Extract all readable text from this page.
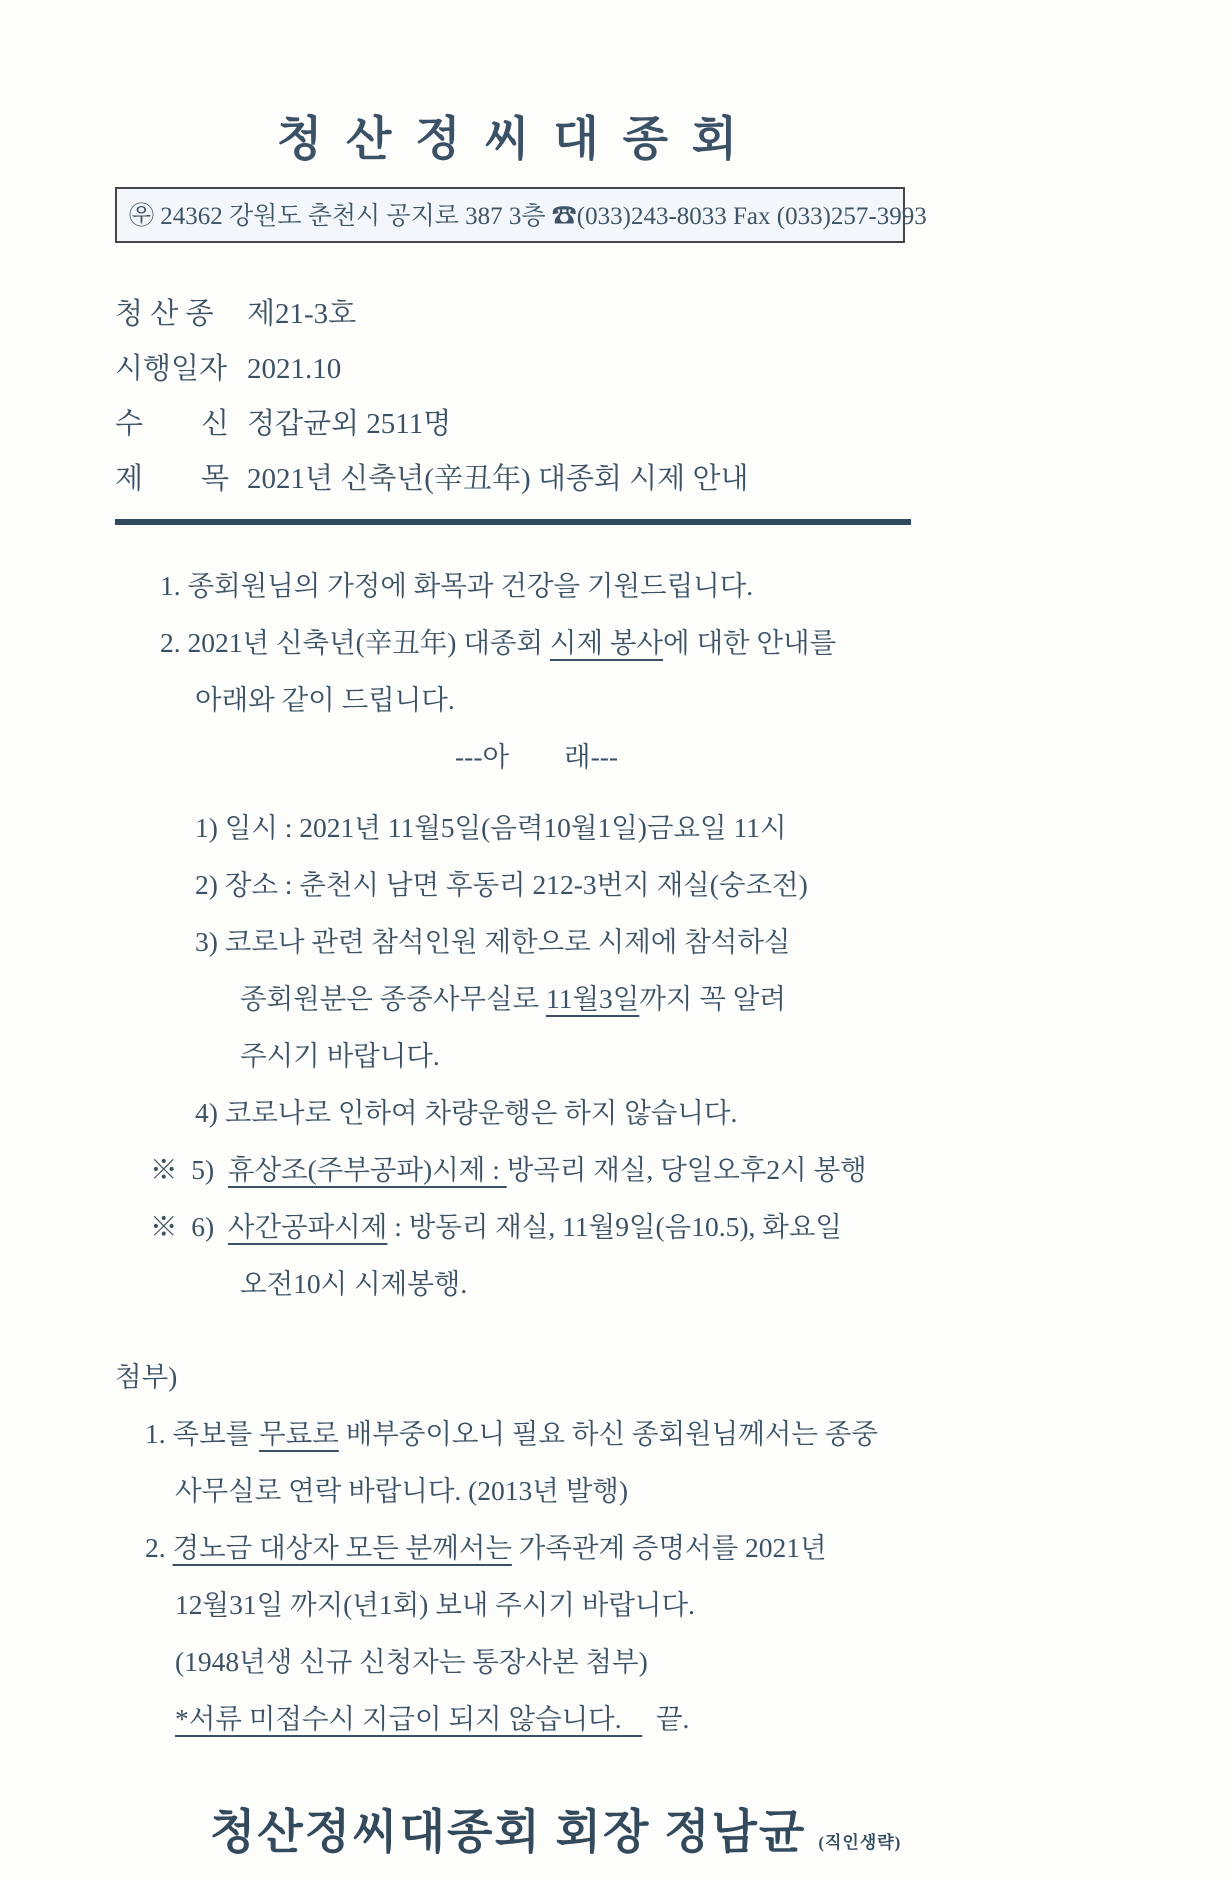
청 산 정 씨 대 종 회
㉾ 24362 강원도 춘천시 공지로 387 3층 ☎(033)243-8033 Fax (033)257-3993
청 산 종 제21-3호
시행일자 2021.10
수　　신 정갑균외 2511명
제　　목 2021년 신축년(辛丑年) 대종회 시제 안내
1. 종회원님의 가정에 화목과 건강을 기원드립니다.
2. 2021년 신축년(辛丑年) 대종회 시제 봉사에 대한 안내를
아래와 같이 드립니다.
---아        래---
1) 일시 : 2021년 11월5일(음력10월1일)금요일 11시
2) 장소 : 춘천시 남면 후동리 212-3번지 재실(숭조전)
3) 코로나 관련 참석인원 제한으로 시제에 참석하실
종회원분은 종중사무실로 11월3일까지 꼭 알려
주시기 바랍니다.
4) 코로나로 인하여 차량운행은 하지 않습니다.
※  5)  휴상조(주부공파)시제 : 방곡리 재실, 당일오후2시 봉행
※  6)  사간공파시제 : 방동리 재실, 11월9일(음10.5), 화요일
오전10시 시제봉행.
첨부)
1. 족보를 무료로 배부중이오니 필요 하신 종회원님께서는 종중
사무실로 연락 바랍니다. (2013년 발행)
2. 경노금 대상자 모든 분께서는 가족관계 증명서를 2021년
12월31일 까지(년1회) 보내 주시기 바랍니다.
(1948년생 신규 신청자는 통장사본 첨부)
*서류 미접수시 지급이 되지 않습니다.     끝.
청산정씨대종회 회장 정남균 (직인생략)
